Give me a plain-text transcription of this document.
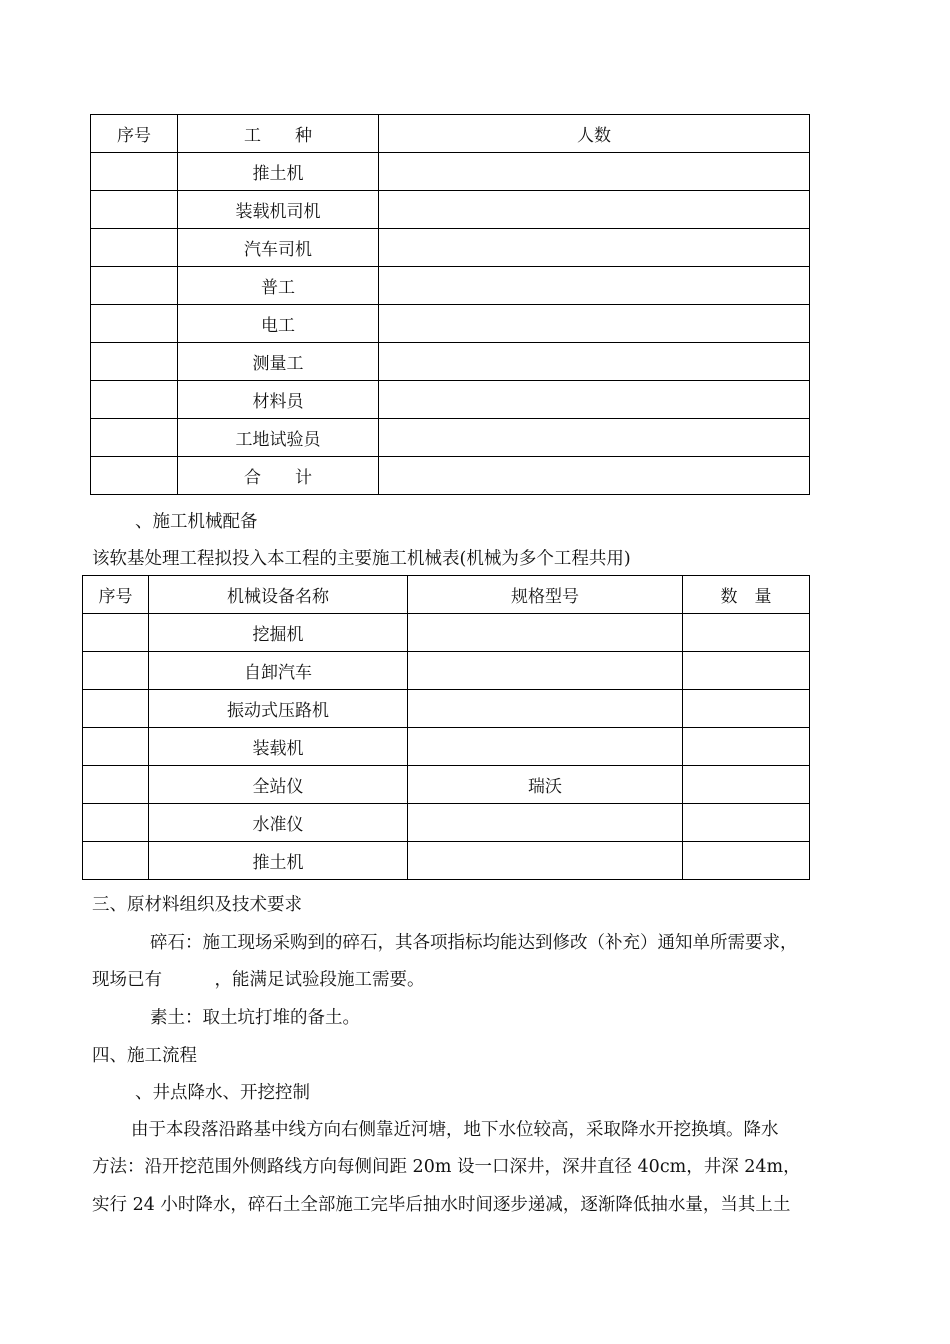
序号	工　　种	人数
	推土机	
	装载机司机	
	汽车司机	
	普工	
	电工	
	测量工	
	材料员	
	工地试验员	
	合　　计	

、施工机械配备

该软基处理工程拟投入本工程的主要施工机械表(机械为多个工程共用)

序号	机械设备名称	规格型号	数　量
	挖掘机		
	自卸汽车		
	振动式压路机		
	装载机		
	全站仪	瑞沃	
	水准仪		
	推土机		

三、原材料组织及技术要求

碎石：施工现场采购到的碎石，其各项指标均能达到修改（补充）通知单所需要求，

现场已有　　　，能满足试验段施工需要。

素土：取土坑打堆的备土。

四、施工流程

、井点降水、开挖控制

由于本段落沿路基中线方向右侧靠近河塘，地下水位较高，采取降水开挖换填。降水

方法：沿开挖范围外侧路线方向每侧间距 20m 设一口深井，深井直径 40cm，井深 24m，

实行 24 小时降水，碎石土全部施工完毕后抽水时间逐步递减，逐渐降低抽水量，当其上土
